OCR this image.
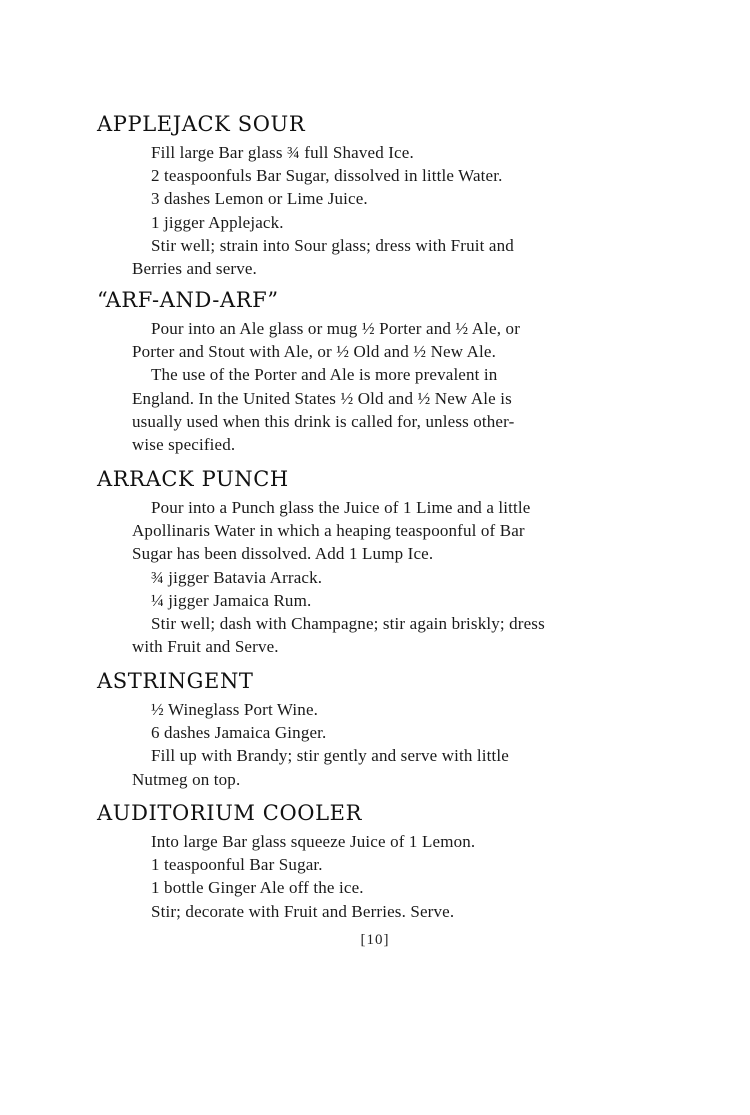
APPLEJACK SOUR
Fill large Bar glass ¾ full Shaved Ice.
2 teaspoonfuls Bar Sugar, dissolved in little Water.
3 dashes Lemon or Lime Juice.
1 jigger Applejack.
Stir well; strain into Sour glass; dress with Fruit and
Berries and serve.
“ARF-AND-ARF”
Pour into an Ale glass or mug ½ Porter and ½ Ale, or
Porter and Stout with Ale, or ½ Old and ½ New Ale.
The use of the Porter and Ale is more prevalent in
England. In the United States ½ Old and ½ New Ale is
usually used when this drink is called for, unless other-
wise specified.
ARRACK PUNCH
Pour into a Punch glass the Juice of 1 Lime and a little
Apollinaris Water in which a heaping teaspoonful of Bar
Sugar has been dissolved. Add 1 Lump Ice.
¾ jigger Batavia Arrack.
¼ jigger Jamaica Rum.
Stir well; dash with Champagne; stir again briskly; dress
with Fruit and Serve.
ASTRINGENT
½ Wineglass Port Wine.
6 dashes Jamaica Ginger.
Fill up with Brandy; stir gently and serve with little
Nutmeg on top.
AUDITORIUM COOLER
Into large Bar glass squeeze Juice of 1 Lemon.
1 teaspoonful Bar Sugar.
1 bottle Ginger Ale off the ice.
Stir; decorate with Fruit and Berries. Serve.
[10]
